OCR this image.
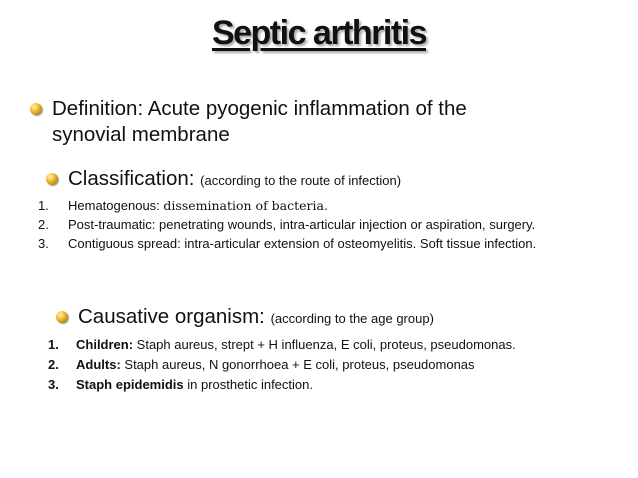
Septic arthritis
Definition: Acute pyogenic inflammation of the
synovial membrane
Classification: (according to the route of infection)
1. Hematogenous: dissemination of bacteria.
2. Post-traumatic: penetrating wounds, intra-articular injection or aspiration, surgery.
3. Contiguous spread: intra-articular extension of osteomyelitis. Soft tissue infection.
Causative organism: (according to the age group)
1. Children: Staph aureus, strept + H influenza, E coli, proteus, pseudomonas.
2. Adults: Staph aureus, N gonorrhoea + E coli, proteus, pseudomonas
3. Staph epidemidis in prosthetic infection.
